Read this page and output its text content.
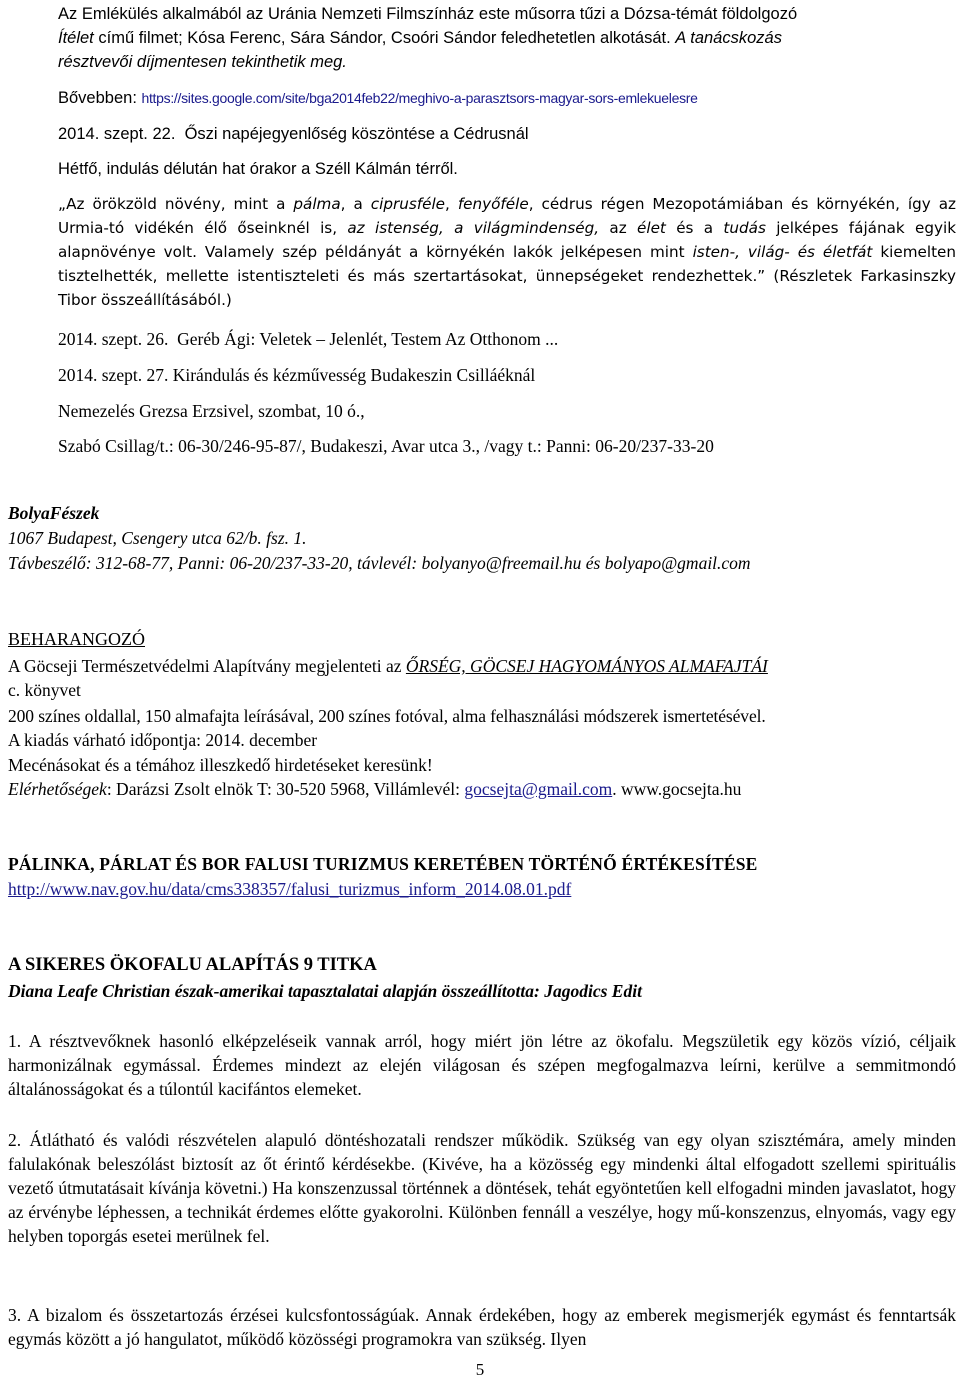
Az Emlékülés alkalmából az Uránia Nemzeti Filmszínház este műsorra tűzi a Dózsa-témát földolgozó

Ítélet című filmet; Kósa Ferenc, Sára Sándor, Csoóri Sándor feledhetetlen alkotását. A tanácskozás

résztvevői díjmentesen tekinthetik meg.

Bővebben: https://sites.google.com/site/bga2014feb22/meghivo-a-parasztsors-magyar-sors-emlekuelesre

2014. szept. 22. Őszi napéjegyenlőség köszöntése a Cédrusnál

Hétfő, indulás délután hat órakor a Széll Kálmán térről.

„Az örökzöld növény, mint a pálma, a ciprusféle, fenyőféle, cédrus régen Mezopotámiában és környékén, így az Urmia-tó vidékén élő őseinknél is, az istenség, a világmindenség, az élet és a tudás jelképes fájának egyik alapnövénye volt. Valamely szép példányát a környékén lakók jelképesen mint isten-, világ- és életfát kiemelten tisztelhették, mellette istentiszteleti és más szertartásokat, ünnepségeket rendezhettek.” (Részletek Farkasinszky Tibor összeállításából.)

2014. szept. 26. Geréb Ági: Veletek – Jelenlét, Testem Az Otthonom ...

2014. szept. 27. Kirándulás és kézművesség Budakeszin Csilláéknál

Nemezelés Grezsa Erzsivel, szombat, 10 ó.,

Szabó Csillag/t.: 06-30/246-95-87/, Budakeszi, Avar utca 3., /vagy t.: Panni: 06-20/237-33-20

BolyaFészek

1067 Budapest, Csengery utca 62/b. fsz. 1.

Távbeszélő: 312-68-77, Panni: 06-20/237-33-20, távlevél: bolyanyo@freemail.hu és bolyapo@gmail.com

BEHARANGOZÓ

A Göcseji Természetvédelmi Alapítvány megjelenteti az ŐRSÉG, GÖCSEJ HAGYOMÁNYOS ALMAFAJTÁI

c. könyvet

200 színes oldallal, 150 almafajta leírásával, 200 színes fotóval, alma felhasználási módszerek ismertetésével.

A kiadás várható időpontja: 2014. december

Mecénásokat és a témához illeszkedő hirdetéseket keresünk!

Elérhetőségek: Darázsi Zsolt elnök T: 30-520 5968, Villámlevél: gocsejta@gmail.com. www.gocsejta.hu

PÁLINKA, PÁRLAT ÉS BOR FALUSI TURIZMUS KERETÉBEN TÖRTÉNŐ ÉRTÉKESÍTÉSE

http://www.nav.gov.hu/data/cms338357/falusi_turizmus_inform_2014.08.01.pdf

A SIKERES ÖKOFALU ALAPÍTÁS 9 TITKA

Diana Leafe Christian észak-amerikai tapasztalatai alapján összeállította: Jagodics Edit

1. A résztvevőknek hasonló elképzeléseik vannak arról, hogy miért jön létre az ökofalu. Megszületik egy közös vízió, céljaik harmonizálnak egymással. Érdemes mindezt az elején világosan és szépen megfogalmazva leírni, kerülve a semmitmondó általánosságokat és a túlontúl kacifántos elemeket.

2. Átlátható és valódi részvételen alapuló döntéshozatali rendszer működik. Szükség van egy olyan szisztémára, amely minden falulakónak beleszólást biztosít az őt érintő kérdésekbe. (Kivéve, ha a közösség egy mindenki által elfogadott szellemi spirituális vezető útmutatásait kívánja követni.) Ha konszenzussal történnek a döntések, tehát egyöntetűen kell elfogadni minden javaslatot, hogy az érvénybe léphessen, a technikát érdemes előtte gyakorolni. Különben fennáll a veszélye, hogy mű-konszenzus, elnyomás, vagy egy helyben toporgás esetei merülnek fel.

3. A bizalom és összetartozás érzései kulcsfontosságúak. Annak érdekében, hogy az emberek megismerjék egymást és fenntartsák egymás között a jó hangulatot, működő közösségi programokra van szükség. Ilyen

5
